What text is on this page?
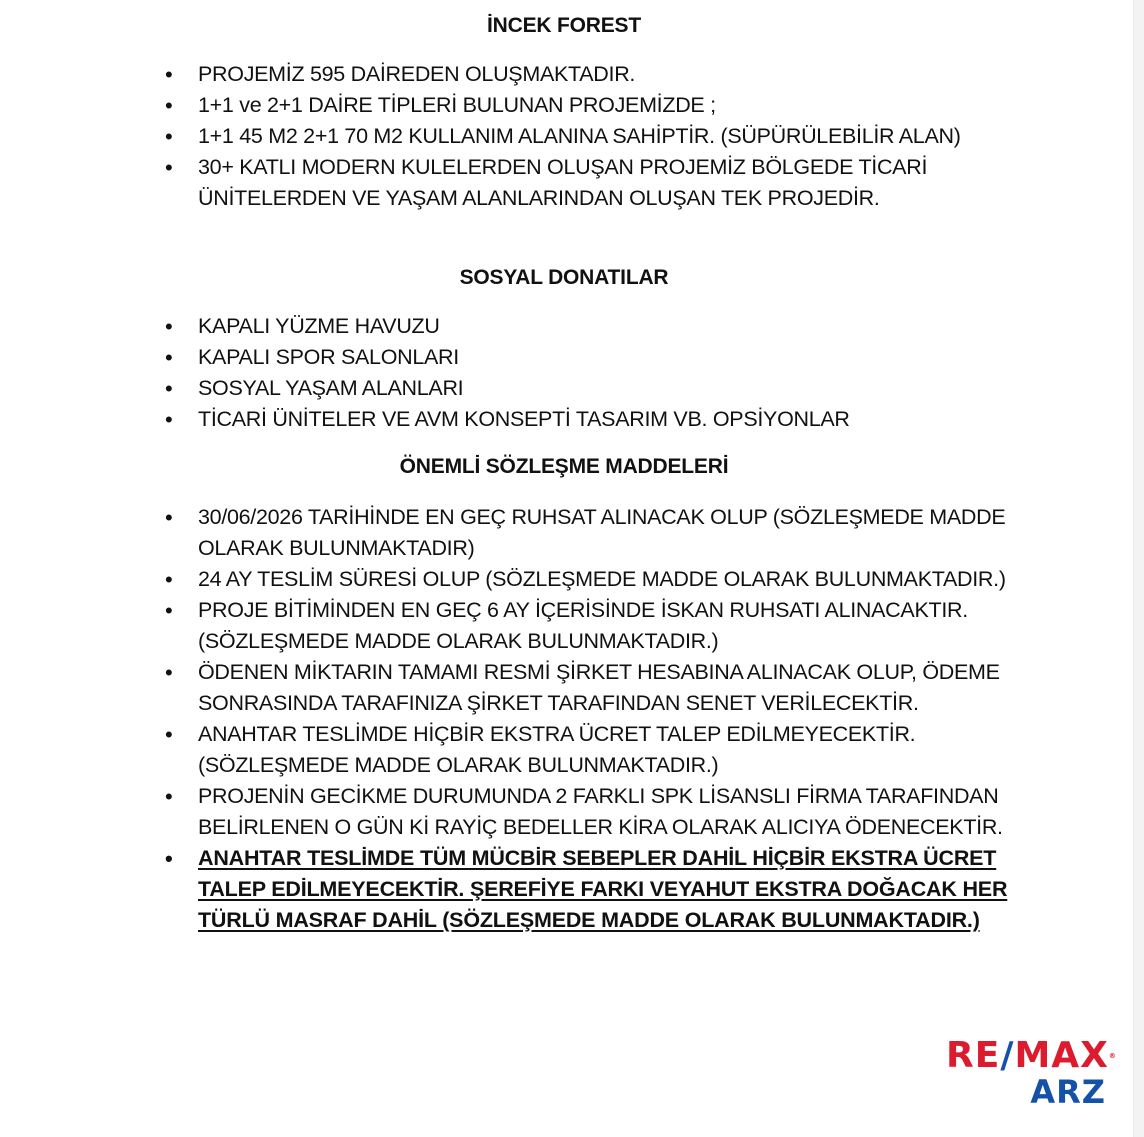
İNCEK FOREST
• PROJEMİZ 595 DAİREDEN OLUŞMAKTADIR.
• 1+1 ve 2+1 DAİRE TİPLERİ BULUNAN PROJEMİZDE ;
• 1+1 45 M2 2+1 70 M2 KULLANIM ALANINA SAHİPTİR. (SÜPÜRÜLEBİLİR ALAN)
• 30+ KATLI MODERN KULELERDEN OLUŞAN PROJEMİZ BÖLGEDE TİCARİ ÜNİTELERDEN VE YAŞAM ALANLARINDAN OLUŞAN TEK PROJEDİR.
SOSYAL DONATILAR
• KAPALI YÜZME HAVUZU
• KAPALI SPOR SALONLARI
• SOSYAL YAŞAM ALANLARI
• TİCARİ ÜNİTELER VE AVM KONSEPTİ TASARIM VB. OPSİYONLAR
ÖNEMLİ SÖZLEŞME MADDELERİ
• 30/06/2026 TARİHİNDE EN GEÇ RUHSAT ALINACAK OLUP (SÖZLEŞMEDE MADDE OLARAK BULUNMAKTADIR)
• 24 AY TESLİM SÜRESİ OLUP (SÖZLEŞMEDE MADDE OLARAK BULUNMAKTADIR.)
• PROJE BİTİMİNDEN EN GEÇ 6 AY İÇERİSİNDE İSKAN RUHSATI ALINACAKTIR.(SÖZLEŞMEDE MADDE OLARAK BULUNMAKTADIR.)
• ÖDENEN MİKTARIN TAMAMI RESMİ ŞİRKET HESABINA ALINACAK OLUP, ÖDEME SONRASINDA TARAFINIZA ŞİRKET TARAFINDAN SENET VERİLECEKTİR.
• ANAHTAR TESLİMDE HİÇBİR EKSTRA ÜCRET TALEP EDİLMEYECEKTİR. (SÖZLEŞMEDE MADDE OLARAK BULUNMAKTADIR.)
• PROJENİN GECİKME DURUMUNDA 2 FARKLI SPK LİSANSLI FİRMA TARAFINDAN BELİRLENEN O GÜN Kİ RAYİÇ BEDELLER KİRA OLARAK ALICIYA ÖDENECEKTİR.
• ANAHTAR TESLİMDE TÜM MÜCBİR SEBEPLER DAHİL HİÇBİR EKSTRA ÜCRET TALEP EDİLMEYECEKTİR. ŞEREFİYE FARKI VEYAHUT EKSTRA DOĞACAK HER TÜRLÜ MASRAF DAHİL (SÖZLEŞMEDE MADDE OLARAK BULUNMAKTADIR.)
RE/MAX®
ARZ
